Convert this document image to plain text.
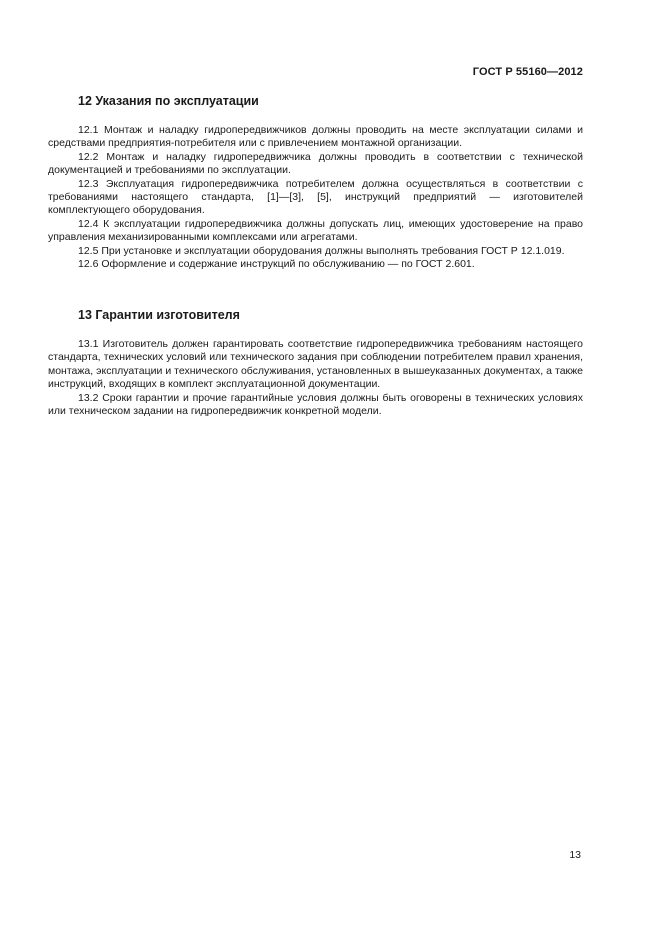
ГОСТ Р 55160—2012
12 Указания по эксплуатации

12.1 Монтаж и наладку гидропередвижчиков должны проводить на месте эксплуатации силами и средствами предприятия-потребителя или с привлечением монтажной организации.

12.2 Монтаж и наладку гидропередвижчика должны проводить в соответствии с технической документацией и требованиями по эксплуатации.

12.3 Эксплуатация гидропередвижчика потребителем должна осуществляться в соответствии с требованиями настоящего стандарта, [1]—[3], [5], инструкций предприятий — изготовителей комплектующего оборудования.

12.4 К эксплуатации гидропередвижчика должны допускать лиц, имеющих удостоверение на право управления механизированными комплексами или агрегатами.

12.5 При установке и эксплуатации оборудования должны выполнять требования ГОСТ Р 12.1.019.

12.6 Оформление и содержание инструкций по обслуживанию — по ГОСТ 2.601.

13 Гарантии изготовителя

13.1 Изготовитель должен гарантировать соответствие гидропередвижчика требованиям настоящего стандарта, технических условий или технического задания при соблюдении потребителем правил хранения, монтажа, эксплуатации и технического обслуживания, установленных в вышеуказанных документах, а также инструкций, входящих в комплект эксплуатационной документации.

13.2 Сроки гарантии и прочие гарантийные условия должны быть оговорены в технических условиях или техническом задании на гидропередвижчик конкретной модели.

13
